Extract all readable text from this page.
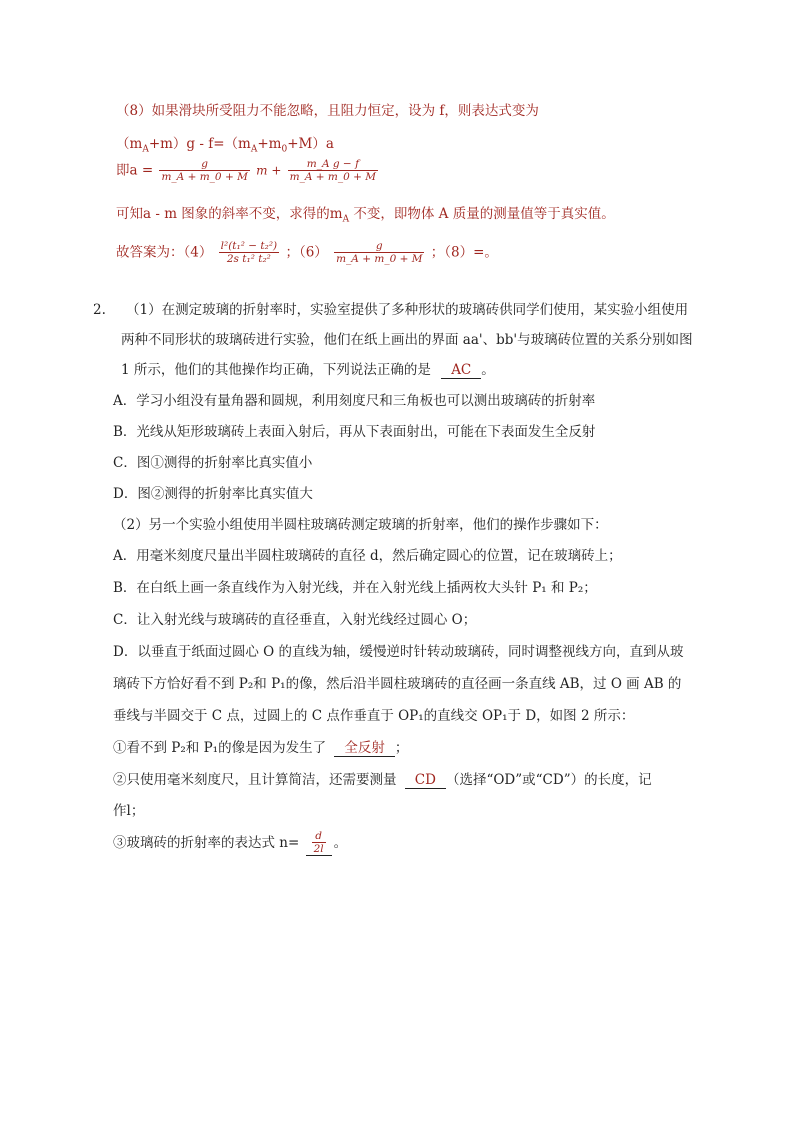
（8）如果滑块所受阻力不能忽略，且阻力恒定，设为 f，则表达式变为
$(m_A+m)g - f=(m_A+m_0+M)a$
即$a = \frac{g}{m\_A + m\_0 + M}$ $m + \frac{\text{m\_A g − f}}{m\_A + m\_0 + M}$
可知a - m 图象的斜率不变，求得的$m_A$ 不变，即物体 A 质量的测量值等于真实值。
故答案为：$(4) \frac{\text{l²(t₁² − t₂²)}}{\text{2s t₁² t₂²}}$ ；$(6) \frac{g}{m\_A + m\_0 + M}$ ；（8）=。
2. （1）在测定玻璃的折射率时，实验室提供了多种形状的玻璃砖供同学们使用，某实验小组使用
两种不同形状的玻璃砖进行实验，他们在纸上画出的界面 aa'、bb'与玻璃砖位置的关系分别如图
1 所示，他们的其他操作均正确，下列说法正确的是 AC 。
A．学习小组没有量角器和圆规，利用刻度尺和三角板也可以测出玻璃砖的折射率
B．光线从矩形玻璃砖上表面入射后，再从下表面射出，可能在下表面发生全反射
C．图①测得的折射率比真实值小
D．图②测得的折射率比真实值大
（2）另一个实验小组使用半圆柱玻璃砖测定玻璃的折射率，他们的操作步骤如下：
A．用毫米刻度尺量出半圆柱玻璃砖的直径 d，然后确定圆心的位置，记在玻璃砖上；
B．在白纸上画一条直线作为入射光线，并在入射光线上插两枚大头针 P₁ 和 P₂；
C．让入射光线与玻璃砖的直径垂直，入射光线经过圆心 O；
D．以垂直于纸面过圆心 O 的直线为轴，缓慢逆时针转动玻璃砖，同时调整视线方向，直到从玻
璃砖下方恰好看不到 P₂和 P₁的像，然后沿半圆柱玻璃砖的直径画一条直线 AB，过 O 画 AB 的
垂线与半圆交于 C 点，过圆上的 C 点作垂直于 OP₁的直线交 OP₁于 D，如图 2 所示：
①看不到 P₂和 P₁的像是因为发生了 全反射 ；
②只使用毫米刻度尺，且计算简洁，还需要测量 CD （选择“OD”或“CD”）的长度，记
作l；
③玻璃砖的折射率的表达式 $n= \frac{d}{2l}$ 。
